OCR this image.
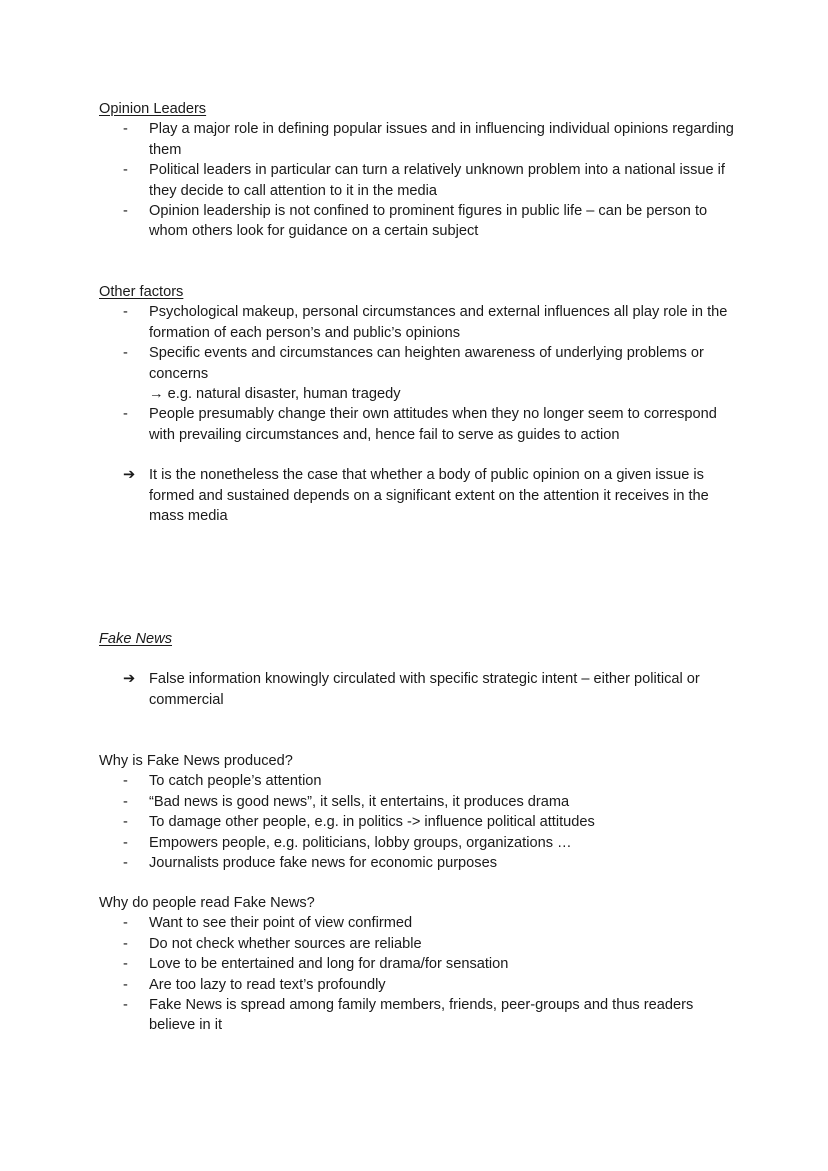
Opinion Leaders

- Play a major role in defining popular issues and in influencing individual opinions regarding them
- Political leaders in particular can turn a relatively unknown problem into a national issue if they decide to call attention to it in the media
- Opinion leadership is not confined to prominent figures in public life – can be person to whom others look for guidance on a certain subject

Other factors

- Psychological makeup, personal circumstances and external influences all play role in the formation of each person’s and public’s opinions
- Specific events and circumstances can heighten awareness of underlying problems or concerns
→ e.g. natural disaster, human tragedy
- People presumably change their own attitudes when they no longer seem to correspond with prevailing circumstances and, hence fail to serve as guides to action
➔ It is the nonetheless the case that whether a body of public opinion on a given issue is formed and sustained depends on a significant extent on the attention it receives in the mass media

Fake News

➔ False information knowingly circulated with specific strategic intent – either political or commercial

Why is Fake News produced?

- To catch people’s attention
- “Bad news is good news”, it sells, it entertains, it produces drama
- To damage other people, e.g. in politics -> influence political attitudes
- Empowers people, e.g. politicians, lobby groups, organizations …
- Journalists produce fake news for economic purposes

Why do people read Fake News?

- Want to see their point of view confirmed
- Do not check whether sources are reliable
- Love to be entertained and long for drama/for sensation
- Are too lazy to read text’s profoundly
- Fake News is spread among family members, friends, peer-groups and thus readers believe in it
